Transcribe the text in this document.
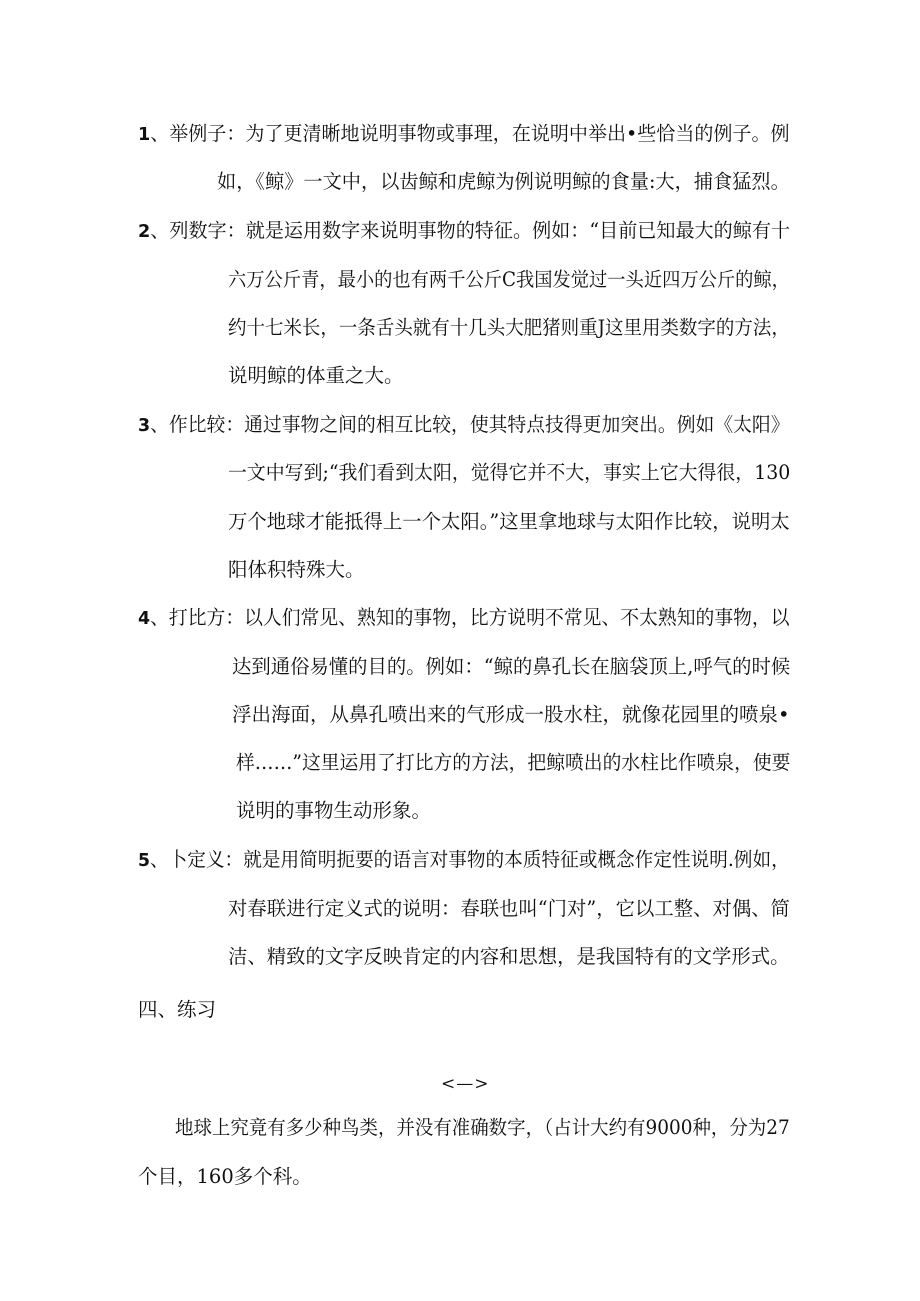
1、举例子：为了更清晰地说明事物或事理，在说明中举出•些恰当的例子。例
如，《鲸》一文中，以齿鲸和虎鲸为例说明鲸的食量:大，捕食猛烈。
2、列数字：就是运用数字来说明事物的特征。例如：“目前已知最大的鲸有十
六万公斤青，最小的也有两千公斤C我国发觉过一头近四万公斤的鲸，
约十七米长，一条舌头就有十几头大肥猪则重J这里用类数字的方法，
说明鲸的体重之大。
3、作比较：通过事物之间的相互比较，使其特点技得更加突出。例如《太阳》
一文中写到;“我们看到太阳，觉得它并不大，事实上它大得很，130
万个地球才能抵得上一个太阳。”这里拿地球与太阳作比较，说明太
阳体积特殊大。
4、打比方：以人们常见、熟知的事物，比方说明不常见、不太熟知的事物，以
达到通俗易懂的目的。例如：“鲸的鼻孔长在脑袋顶上,呼气的时候
浮出海面，从鼻孔喷出来的气形成一股水柱，就像花园里的喷泉•
样……”这里运用了打比方的方法，把鲸喷出的水柱比作喷泉，使要
说明的事物生动形象。
5、卜定义：就是用简明扼要的语言对事物的本质特征或概念作定性说明.例如，
对春联进行定义式的说明：春联也叫“门对”，它以工整、对偶、简
洁、精致的文字反映肯定的内容和思想，是我国特有的文学形式。
四、练习
<—>
地球上究竟有多少种鸟类，并没有准确数字，（占计大约有9000种，分为27
个目，160多个科。
